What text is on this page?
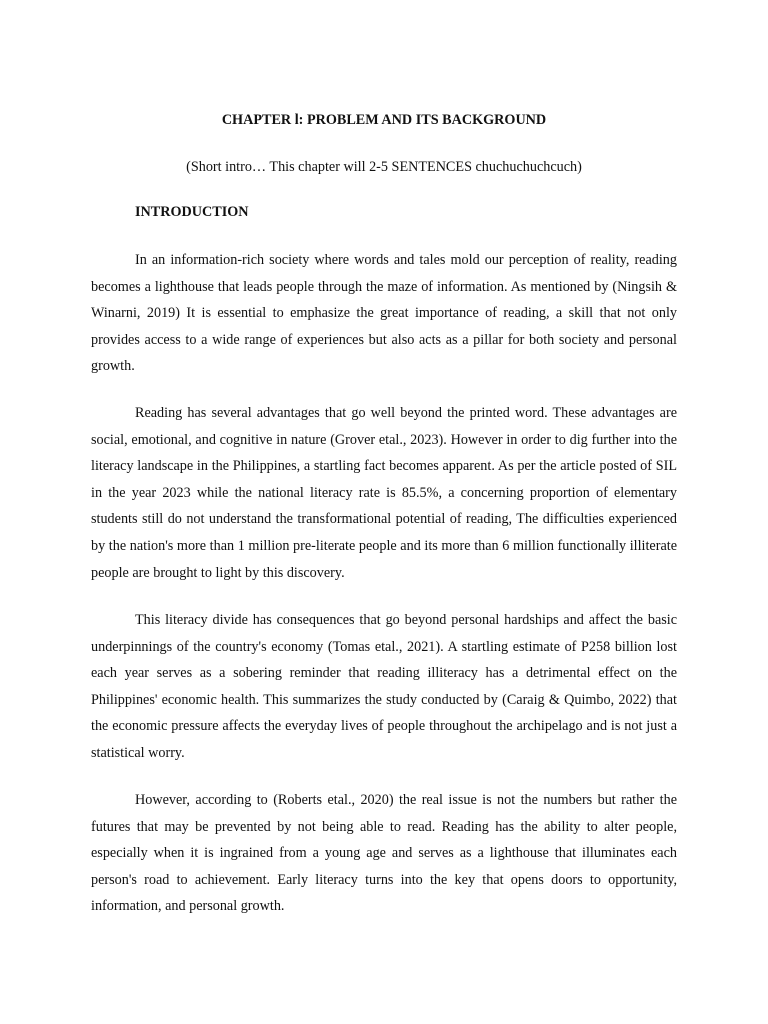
CHAPTER l: PROBLEM AND ITS BACKGROUND

(Short intro… This chapter will 2-5 SENTENCES chuchuchuchcuch)

INTRODUCTION

In an information-rich society where words and tales mold our perception of reality, reading becomes a lighthouse that leads people through the maze of information. As mentioned by (Ningsih & Winarni, 2019) It is essential to emphasize the great importance of reading, a skill that not only provides access to a wide range of experiences but also acts as a pillar for both society and personal growth.

Reading has several advantages that go well beyond the printed word. These advantages are social, emotional, and cognitive in nature (Grover etal., 2023). However in order to dig further into the literacy landscape in the Philippines, a startling fact becomes apparent. As per the article posted of SIL in the year 2023 while the national literacy rate is 85.5%, a concerning proportion of elementary students still do not understand the transformational potential of reading, The difficulties experienced by the nation's more than 1 million pre-literate people and its more than 6 million functionally illiterate people are brought to light by this discovery.

This literacy divide has consequences that go beyond personal hardships and affect the basic underpinnings of the country's economy (Tomas etal., 2021). A startling estimate of P258 billion lost each year serves as a sobering reminder that reading illiteracy has a detrimental effect on the Philippines' economic health. This summarizes the study conducted by (Caraig & Quimbo, 2022) that the economic pressure affects the everyday lives of people throughout the archipelago and is not just a statistical worry.

However, according to (Roberts etal., 2020) the real issue is not the numbers but rather the futures that may be prevented by not being able to read. Reading has the ability to alter people, especially when it is ingrained from a young age and serves as a lighthouse that illuminates each person's road to achievement. Early literacy turns into the key that opens doors to opportunity, information, and personal growth.
